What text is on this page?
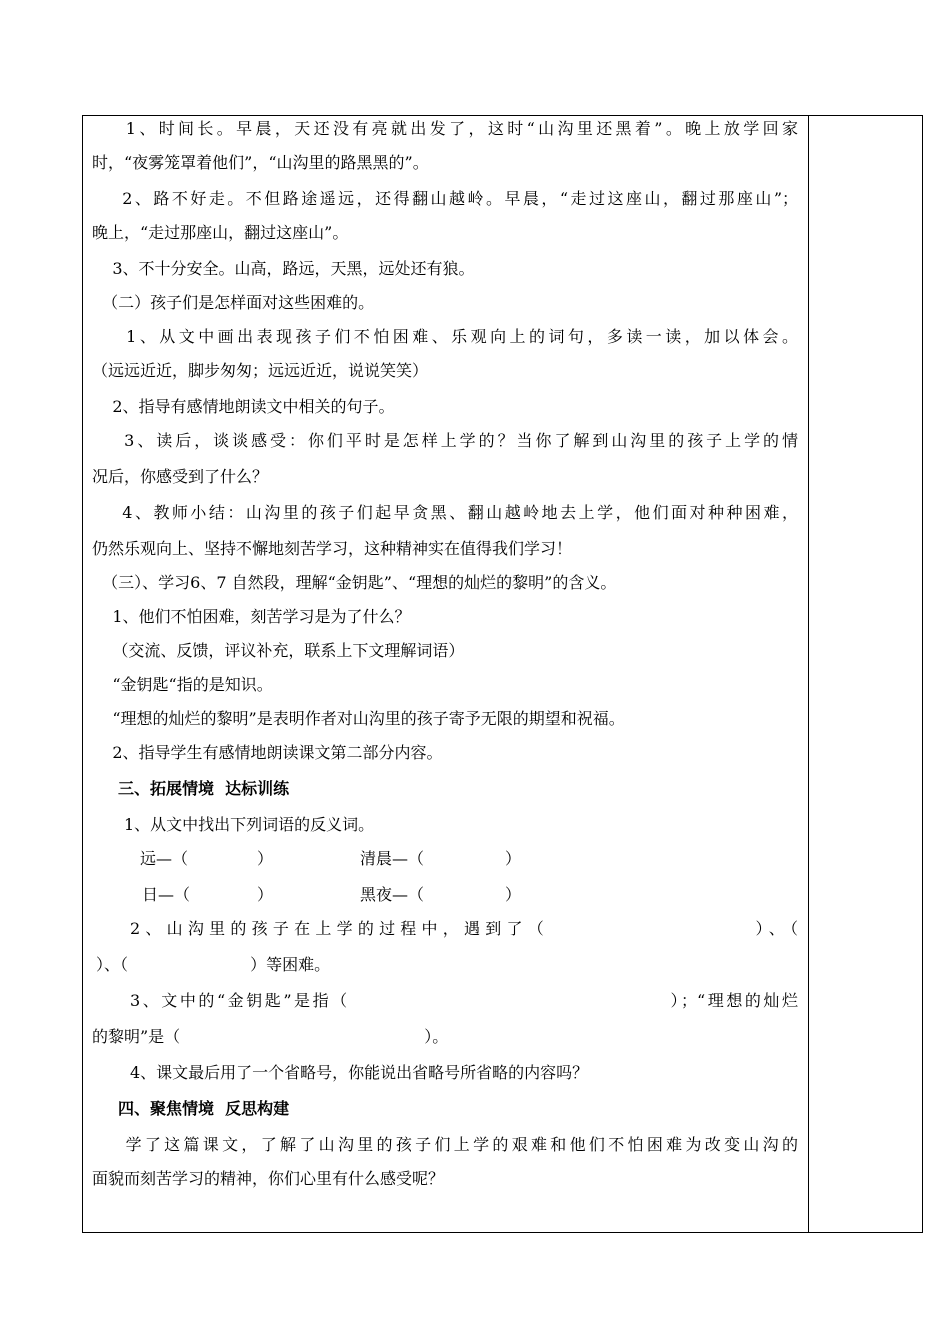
1、时间长。早晨，天还没有亮就出发了，这时“山沟里还黑着”。晚上放学回家
时，“夜雾笼罩着他们”，“山沟里的路黑黑的”。
2、路不好走。不但路途遥远，还得翻山越岭。早晨，“走过这座山，翻过那座山”；
晚上，“走过那座山，翻过这座山”。
3、不十分安全。山高，路远，天黑，远处还有狼。
（二）孩子们是怎样面对这些困难的。
1、从文中画出表现孩子们不怕困难、乐观向上的词句，多读一读，加以体会。
（远远近近，脚步匆匆；远远近近，说说笑笑）
2、指导有感情地朗读文中相关的句子。
3、读后，谈谈感受：你们平时是怎样上学的？当你了解到山沟里的孩子上学的情
况后，你感受到了什么？
4、教师小结：山沟里的孩子们起早贪黑、翻山越岭地去上学，他们面对种种困难，
仍然乐观向上、坚持不懈地刻苦学习，这种精神实在值得我们学习！
（三）、学习6、7 自然段，理解“金钥匙”、“理想的灿烂的黎明”的含义。
1、他们不怕困难，刻苦学习是为了什么？
（交流、反馈，评议补充，联系上下文理解词语）
“金钥匙“指的是知识。
“理想的灿烂的黎明”是表明作者对山沟里的孩子寄予无限的期望和祝福。
2、指导学生有感情地朗读课文第二部分内容。
三、拓展情境  达标训练
1、从文中找出下列词语的反义词。
远—（	）	清晨—（	）
日—（	）	黑夜—（	）
2、山沟里的孩子在上学的过程中，遇到了（                    ）、（
）、（                        ）等困难。
3、文中的“金钥匙”是指（                                          ）；“理想的灿烂
的黎明”是（                                                ）。
4、课文最后用了一个省略号，你能说出省略号所省略的内容吗？
四、聚焦情境  反思构建
学了这篇课文，了解了山沟里的孩子们上学的艰难和他们不怕困难为改变山沟的
面貌而刻苦学习的精神，你们心里有什么感受呢？
